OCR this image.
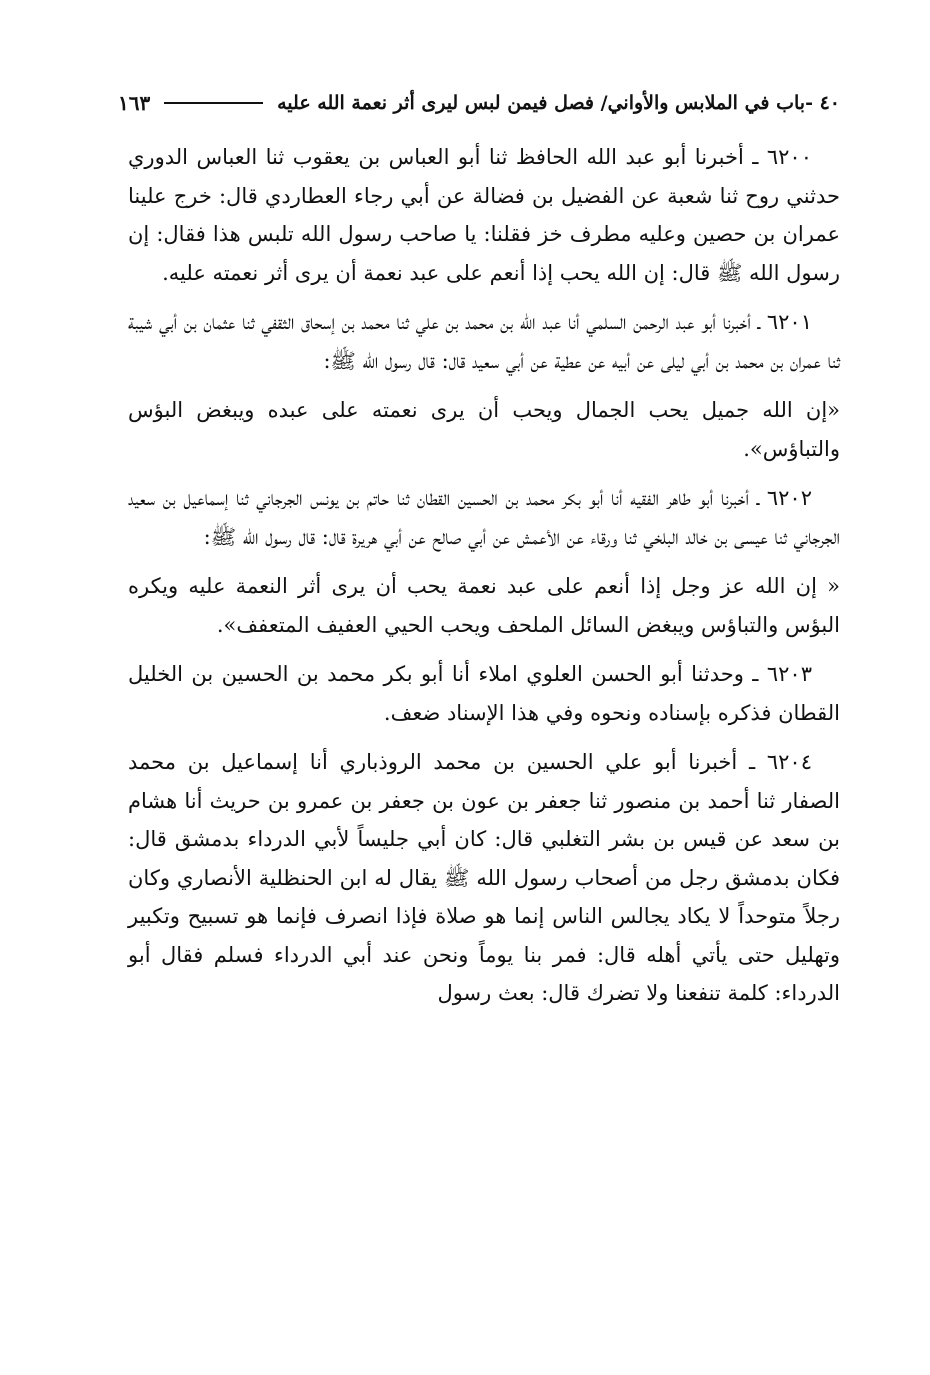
٤٠ -باب في الملابس والأواني/ فصل فيمن لبس ليرى أثر نعمة الله عليه
١٦٣

٦٢٠٠ ـ أخبرنا أبو عبد الله الحافظ ثنا أبو العباس بن يعقوب ثنا العباس الدوري حدثني روح ثنا شعبة عن الفضيل بن فضالة عن أبي رجاء العطاردي قال: خرج علينا عمران بن حصين وعليه مطرف خز فقلنا: يا صاحب رسول الله تلبس هذا فقال: إن رسول الله ﷺ قال: إن الله يحب إذا أنعم على عبد نعمة أن يرى أثر نعمته عليه.

٦٢٠١ ـ أخبرنا أبو عبد الرحمن السلمي أنا عبد الله بن محمد بن علي ثنا محمد بن إسحاق الثقفي ثنا عثمان بن أبي شيبة ثنا عمران بن محمد بن أبي ليلى عن أبيه عن عطية عن أبي سعيد قال: قال رسول الله ﷺ:

«إن الله جميل يحب الجمال ويحب أن يرى نعمته على عبده ويبغض البؤس والتباؤس».

٦٢٠٢ ـ أخبرنا أبو طاهر الفقيه أنا أبو بكر محمد بن الحسين القطان ثنا حاتم بن يونس الجرجاني ثنا إسماعيل بن سعيد الجرجاني ثنا عيسى بن خالد البلخي ثنا ورقاء عن الأعمش عن أبي صالح عن أبي هريرة قال: قال رسول الله ﷺ:

« إن الله عز وجل إذا أنعم على عبد نعمة يحب أن يرى أثر النعمة عليه ويكره البؤس والتباؤس ويبغض السائل الملحف ويحب الحيي العفيف المتعفف».

٦٢٠٣ ـ وحدثنا أبو الحسن العلوي املاء أنا أبو بكر محمد بن الحسين بن الخليل القطان فذكره بإسناده ونحوه وفي هذا الإسناد ضعف.

٦٢٠٤ ـ أخبرنا أبو علي الحسين بن محمد الروذباري أنا إسماعيل بن محمد الصفار ثنا أحمد بن منصور ثنا جعفر بن عون بن جعفر بن عمرو بن حريث أنا هشام بن سعد عن قيس بن بشر التغلبي قال: كان أبي جليساً لأبي الدرداء بدمشق قال: فكان بدمشق رجل من أصحاب رسول الله ﷺ يقال له ابن الحنظلية الأنصاري وكان رجلاً متوحداً لا يكاد يجالس الناس إنما هو صلاة فإذا انصرف فإنما هو تسبيح وتكبير وتهليل حتى يأتي أهله قال: فمر بنا يوماً ونحن عند أبي الدرداء فسلم فقال أبو الدرداء: كلمة تنفعنا ولا تضرك قال: بعث رسول
